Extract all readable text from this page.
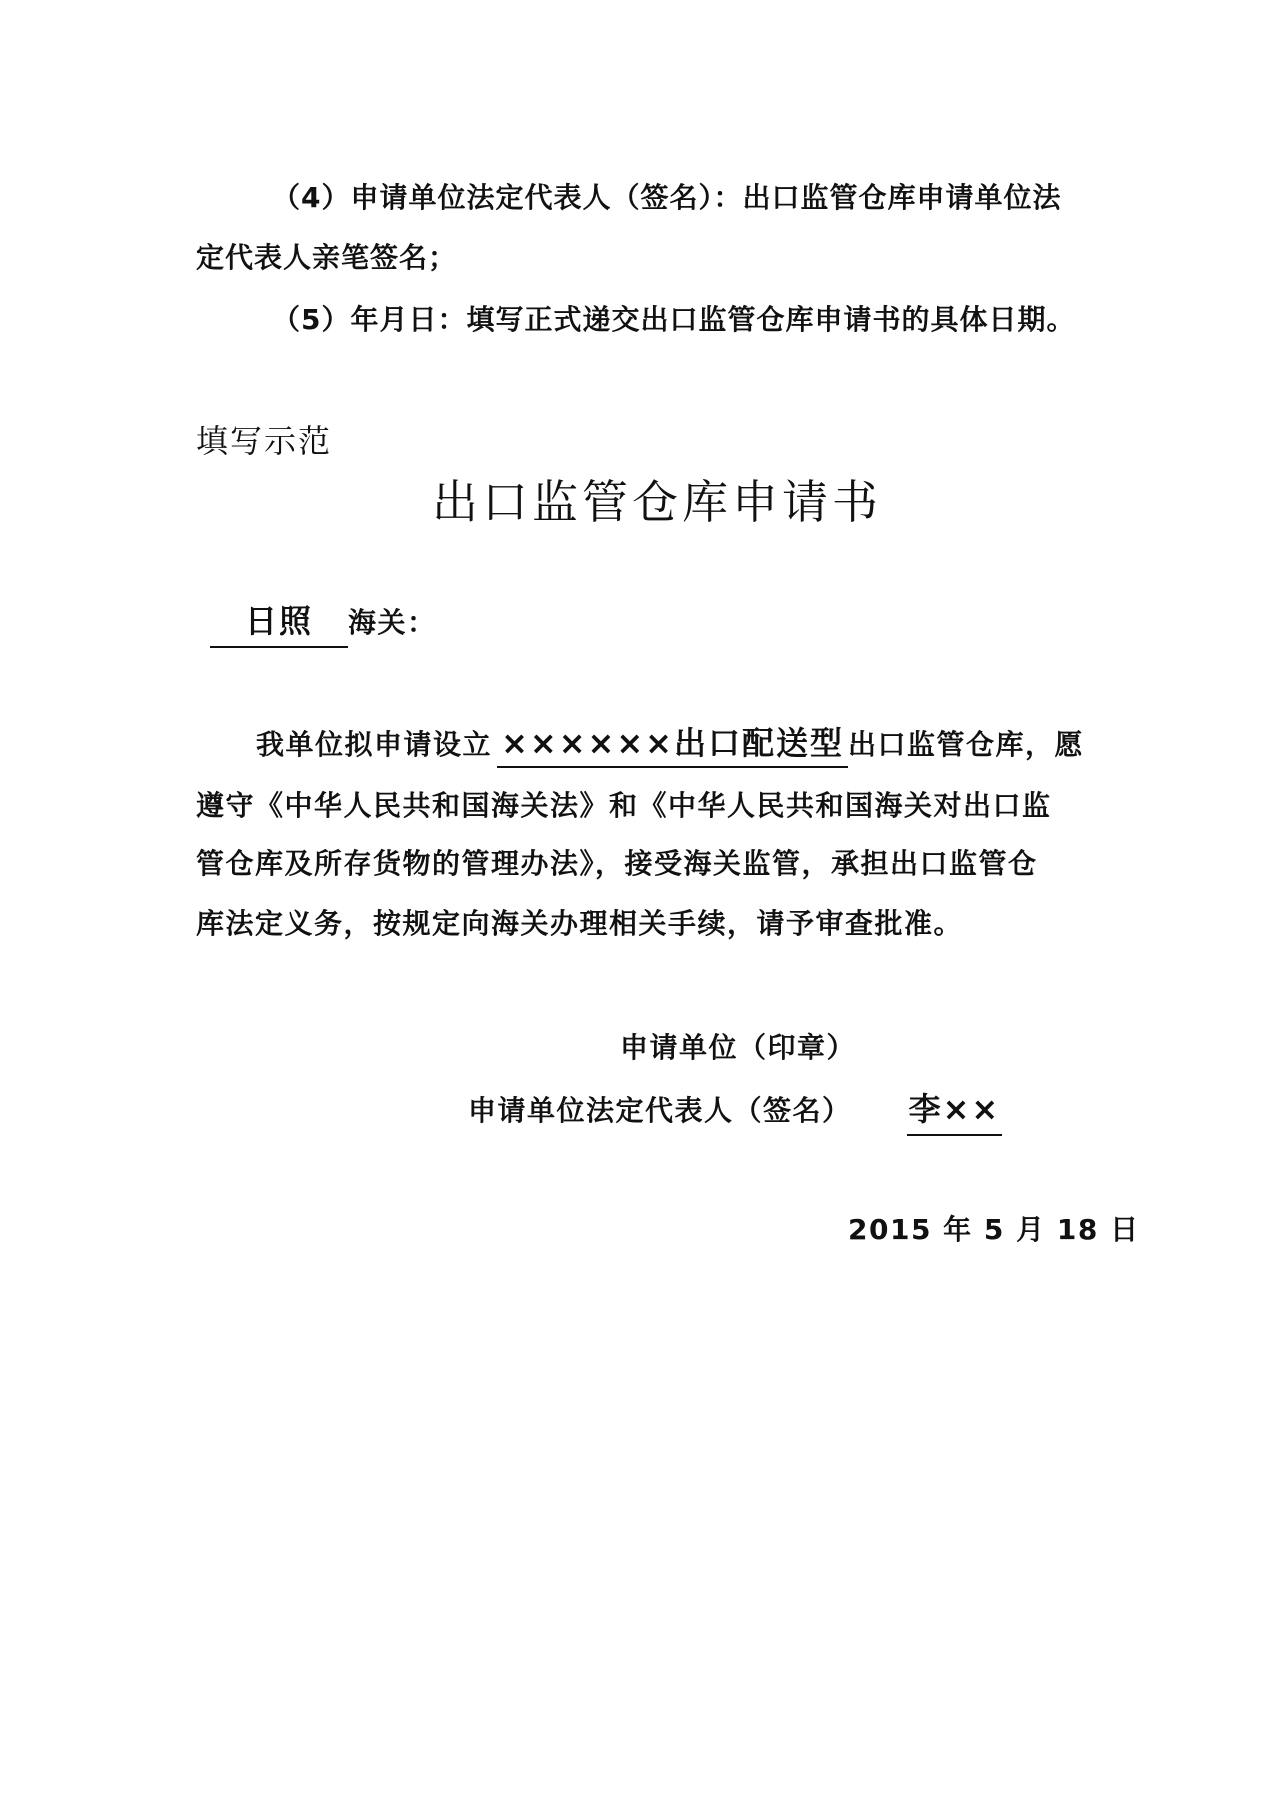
（4）申请单位法定代表人（签名）：出口监管仓库申请单位法
定代表人亲笔签名；
（5）年月日：填写正式递交出口监管仓库申请书的具体日期。
填写示范
出口监管仓库申请书
日照 海关：
我单位拟申请设立 ××××××出口配送型 出口监管仓库，愿
遵守《中华人民共和国海关法》和《中华人民共和国海关对出口监
管仓库及所存货物的管理办法》，接受海关监管，承担出口监管仓
库法定义务，按规定向海关办理相关手续，请予审查批准。
申请单位（印章）
申请单位法定代表人（签名） 李××
2015 年 5 月 18 日
